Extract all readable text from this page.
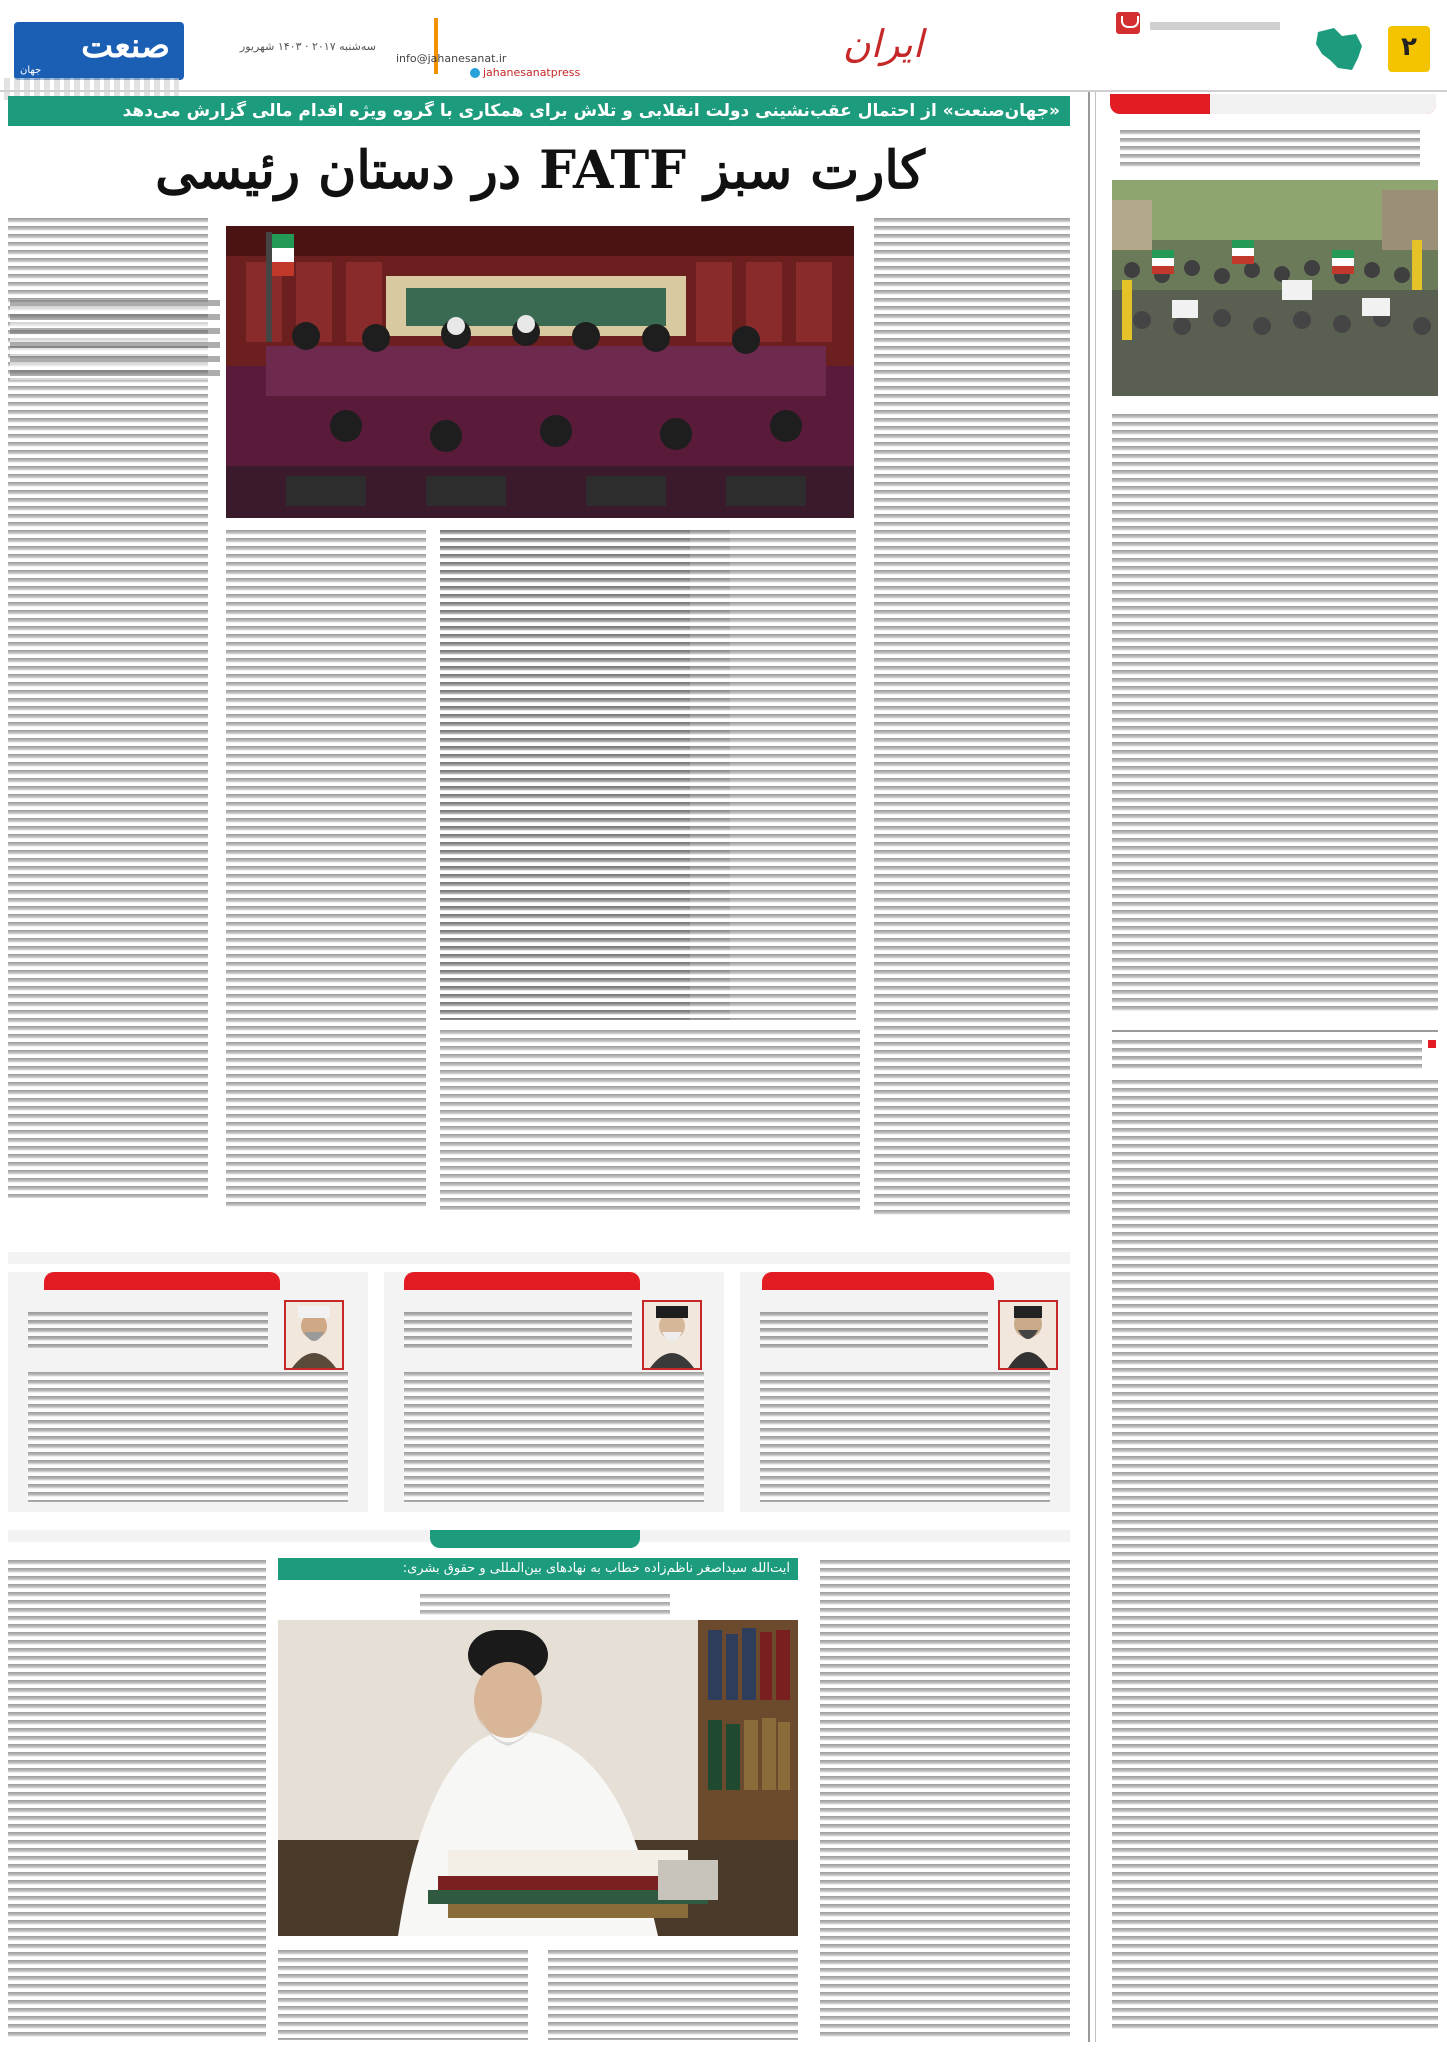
صنعت
جهان
سه‌شنبه ۲۰۱۷ · ۱۴۰۳ شهریور
info@jahanesanat.ir
jahanesanatpress
ایران	۲
«جهان‌صنعت» از احتمال عقب‌نشینی دولت انقلابی و تلاش برای همکاری با گروه ویژه اقدام مالی گزارش می‌دهد
کارت سبز FATF در دستان رئیسی
آیت‌الله سیداصغر ناظم‌زاده خطاب به نهادهای بین‌المللی و حقوق بشری:
